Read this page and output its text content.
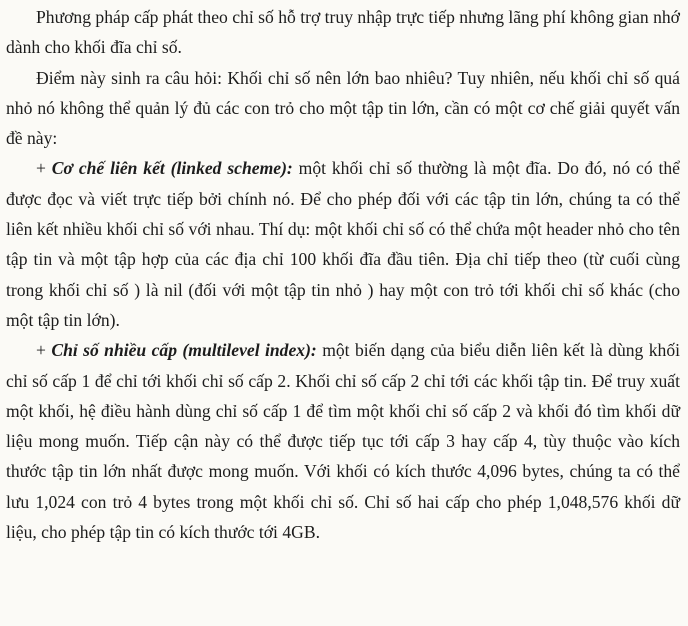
Phương pháp cấp phát theo chỉ số hỗ trợ truy nhập trực tiếp nhưng lãng phí không gian nhớ dành cho khối đĩa chỉ số.

Điểm này sinh ra câu hỏi: Khối chỉ số nên lớn bao nhiêu? Tuy nhiên, nếu khối chỉ số quá nhỏ nó không thể quản lý đủ các con trỏ cho một tập tin lớn, cần có một cơ chế giải quyết vấn đề này:

+ Cơ chế liên kết (linked scheme): một khối chỉ số thường là một đĩa. Do đó, nó có thể được đọc và viết trực tiếp bởi chính nó. Để cho phép đối với các tập tin lớn, chúng ta có thể liên kết nhiều khối chỉ số với nhau. Thí dụ: một khối chỉ số có thể chứa một header nhỏ cho tên tập tin và một tập hợp của các địa chỉ 100 khối đĩa đầu tiên. Địa chỉ tiếp theo (từ cuối cùng trong khối chỉ số ) là nil (đối với một tập tin nhỏ ) hay một con trỏ tới khối chỉ số khác (cho một tập tin lớn).

+ Chỉ số nhiều cấp (multilevel index): một biến dạng của biểu diễn liên kết là dùng khối chỉ số cấp 1 để chỉ tới khối chỉ số cấp 2. Khối chỉ số cấp 2 chỉ tới các khối tập tin. Để truy xuất một khối, hệ điều hành dùng chỉ số cấp 1 để tìm một khối chỉ số cấp 2 và khối đó tìm khối dữ liệu mong muốn. Tiếp cận này có thể được tiếp tục tới cấp 3 hay cấp 4, tùy thuộc vào kích thước tập tin lớn nhất được mong muốn. Với khối có kích thước 4,096 bytes, chúng ta có thể lưu 1,024 con trỏ 4 bytes trong một khối chỉ số. Chỉ số hai cấp cho phép 1,048,576 khối dữ liệu, cho phép tập tin có kích thước tới 4GB.
